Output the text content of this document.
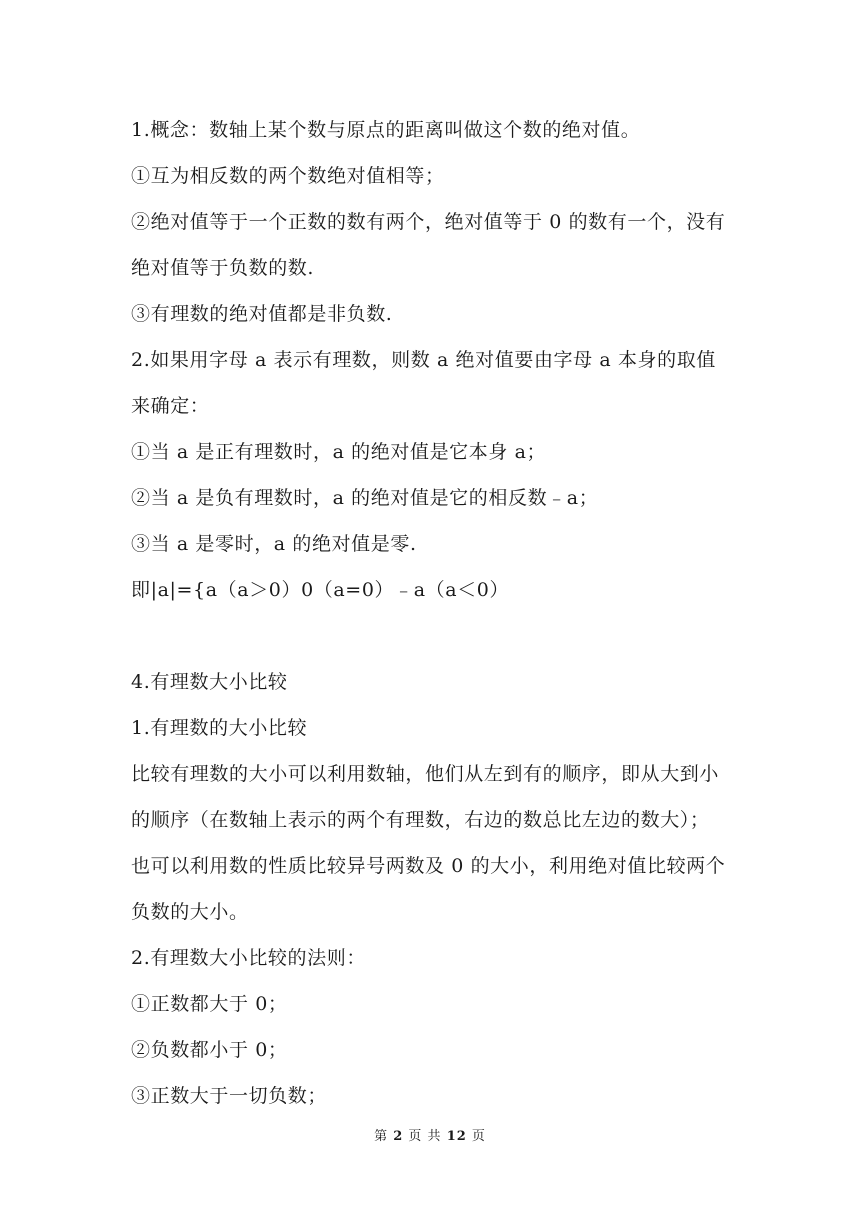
1.概念：数轴上某个数与原点的距离叫做这个数的绝对值。
①互为相反数的两个数绝对值相等；
②绝对值等于一个正数的数有两个，绝对值等于 0 的数有一个，没有
绝对值等于负数的数.
③有理数的绝对值都是非负数.
2.如果用字母 a 表示有理数，则数 a 绝对值要由字母 a 本身的取值
来确定：
①当 a 是正有理数时，a 的绝对值是它本身 a；
②当 a 是负有理数时，a 的绝对值是它的相反数﹣a；
③当 a 是零时，a 的绝对值是零.
即|a|={a（a＞0）0（a=0）﹣a（a＜0）
4.有理数大小比较
1.有理数的大小比较
比较有理数的大小可以利用数轴，他们从左到有的顺序，即从大到小
的顺序（在数轴上表示的两个有理数，右边的数总比左边的数大）；
也可以利用数的性质比较异号两数及 0 的大小，利用绝对值比较两个
负数的大小。
2.有理数大小比较的法则：
①正数都大于 0；
②负数都小于 0；
③正数大于一切负数；
第 2 页 共 12 页
